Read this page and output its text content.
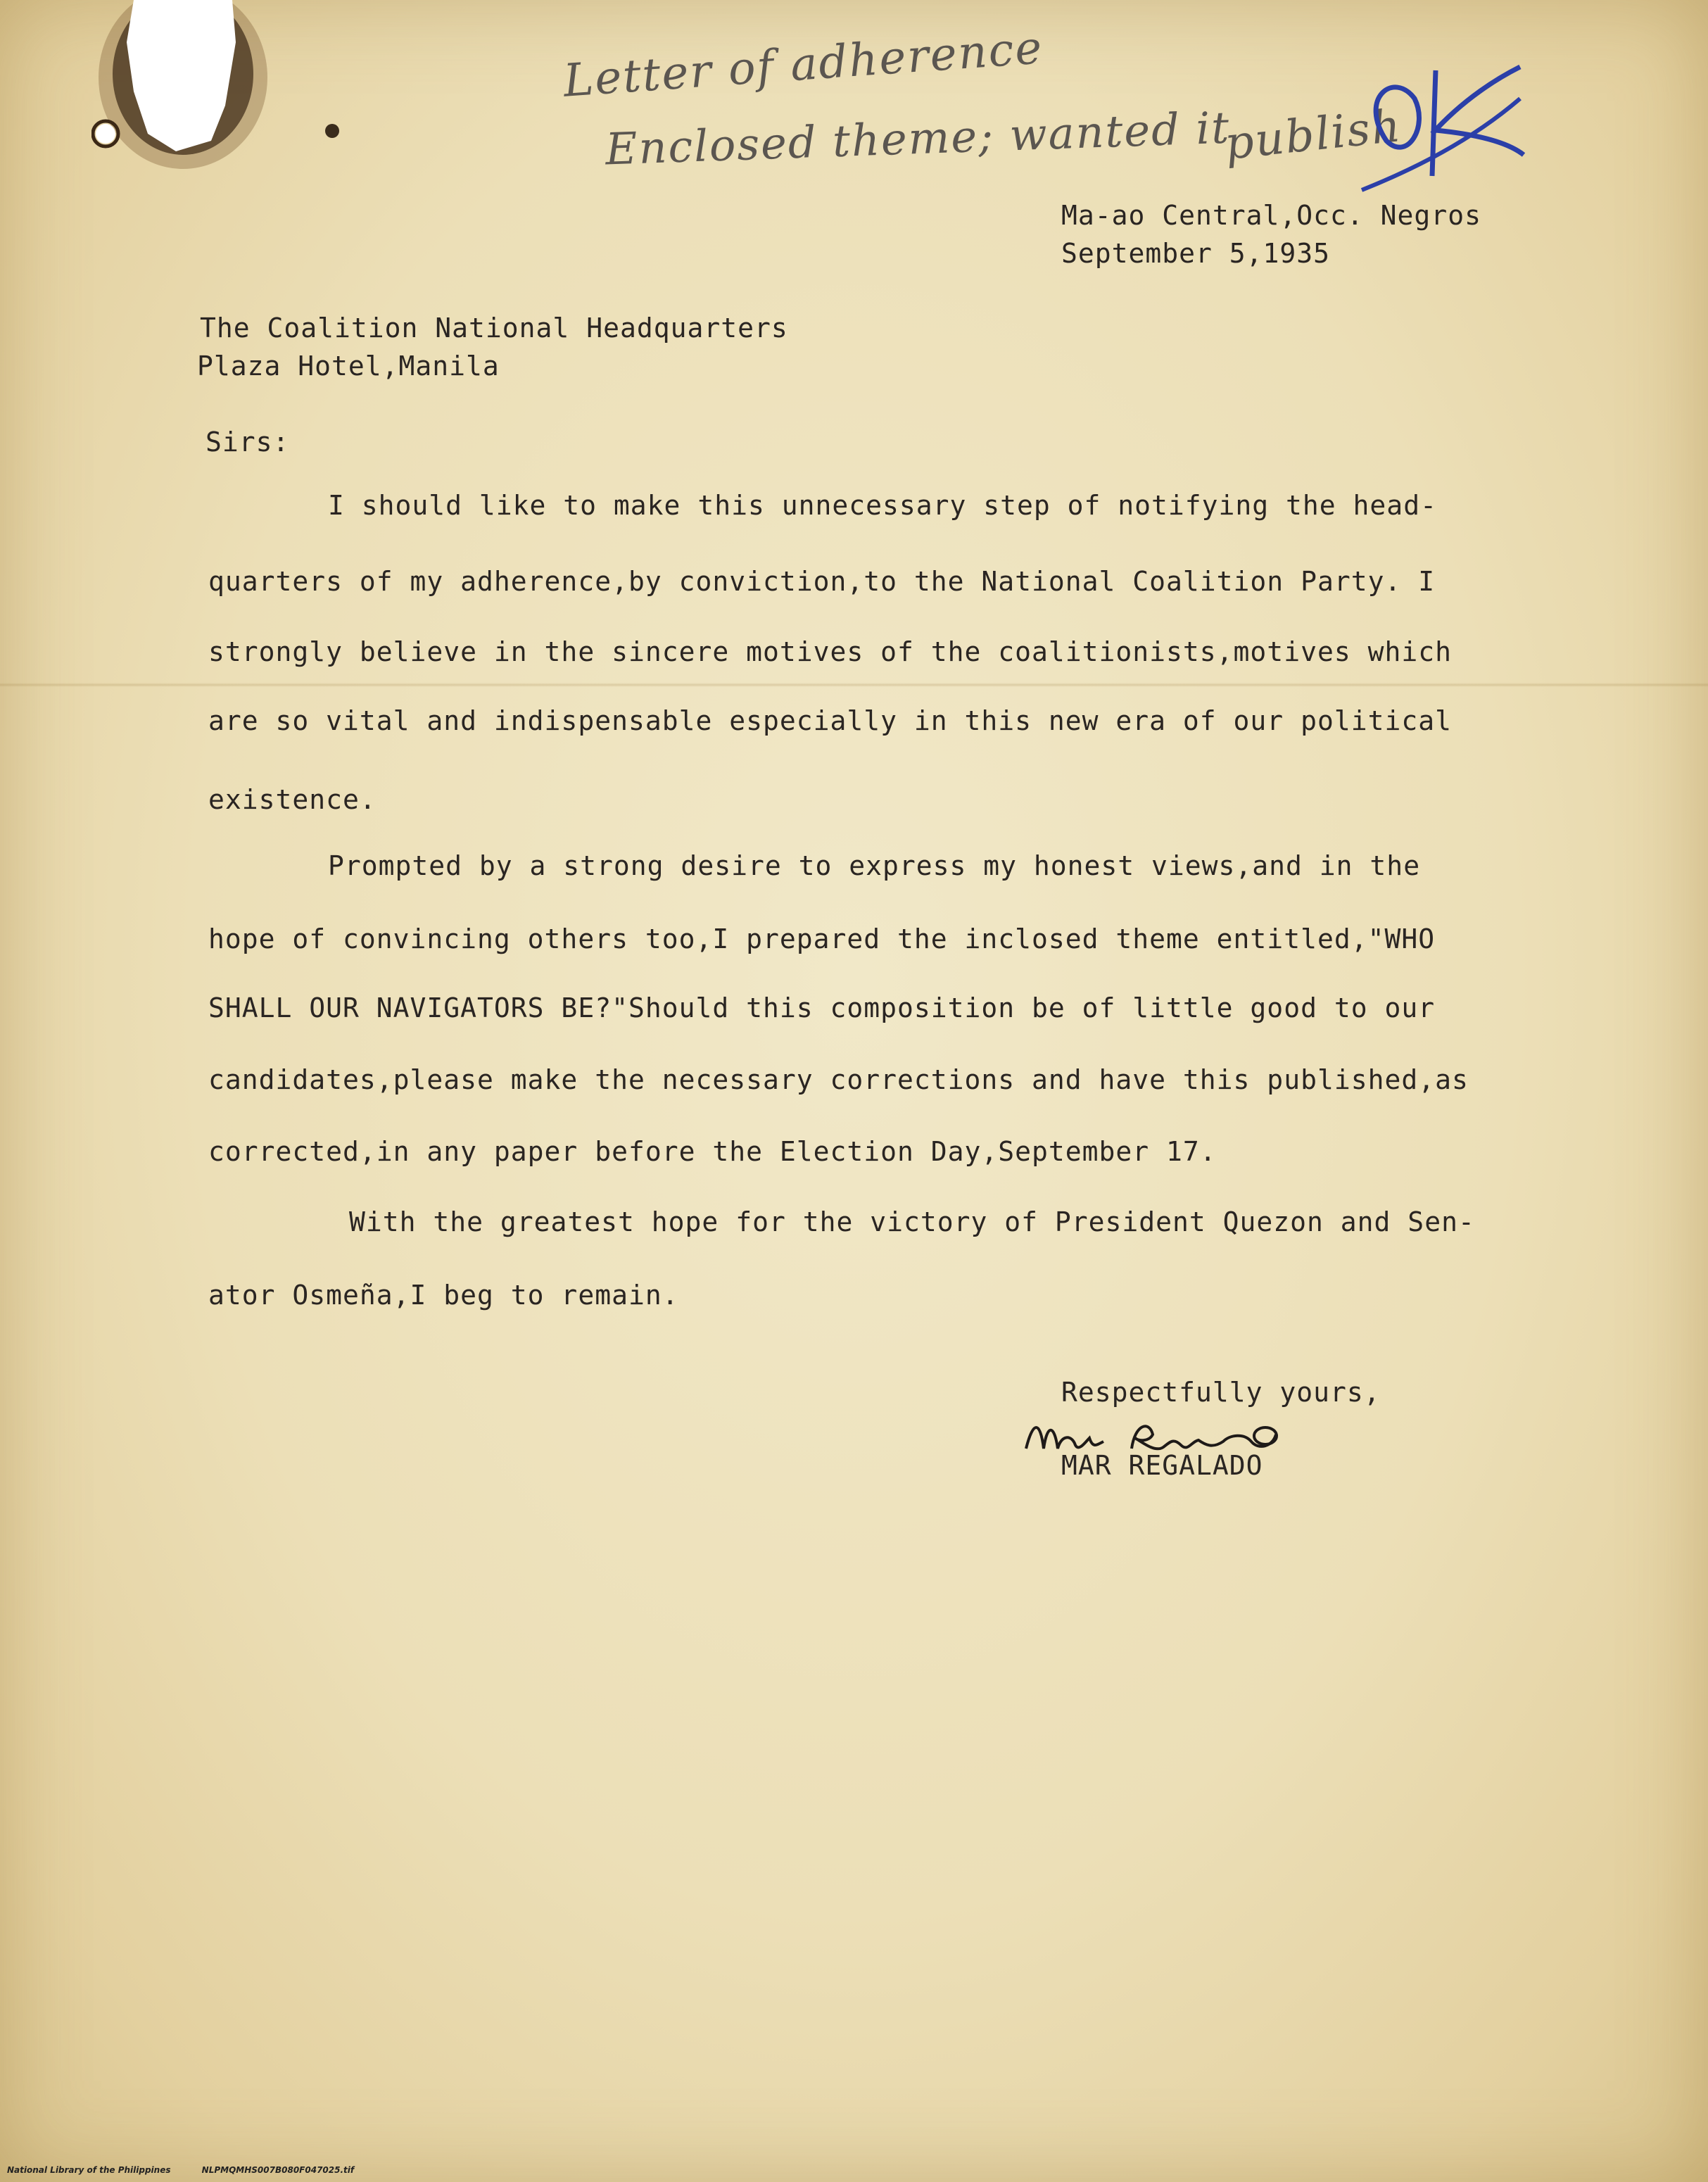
Letter of adherence
Enclosed theme; wanted it
publish
Ma-ao Central,Occ. Negros
September 5,1935
The Coalition National Headquarters
Plaza Hotel,Manila
Sirs:
I should like to make this unnecessary step of notifying the head-
quarters of my adherence,by conviction,to the National Coalition Party. I
strongly believe in the sincere motives of the coalitionists,motives which
are so vital and indispensable especially in this new era of our political
existence.
Prompted by a strong desire to express my honest views,and in the
hope of convincing others too,I prepared the inclosed theme entitled,"WHO
SHALL OUR NAVIGATORS BE?"Should this composition be of little good to our
candidates,please make the necessary corrections and have this published,as
corrected,in any paper before the Election Day,September 17.
With the greatest hope for the victory of President Quezon and Sen-
ator Osmeña,I beg to remain.
Respectfully yours,
MAR REGALADO
National Library of the Philippines	NLPMQMHS007B080F047025.tif
